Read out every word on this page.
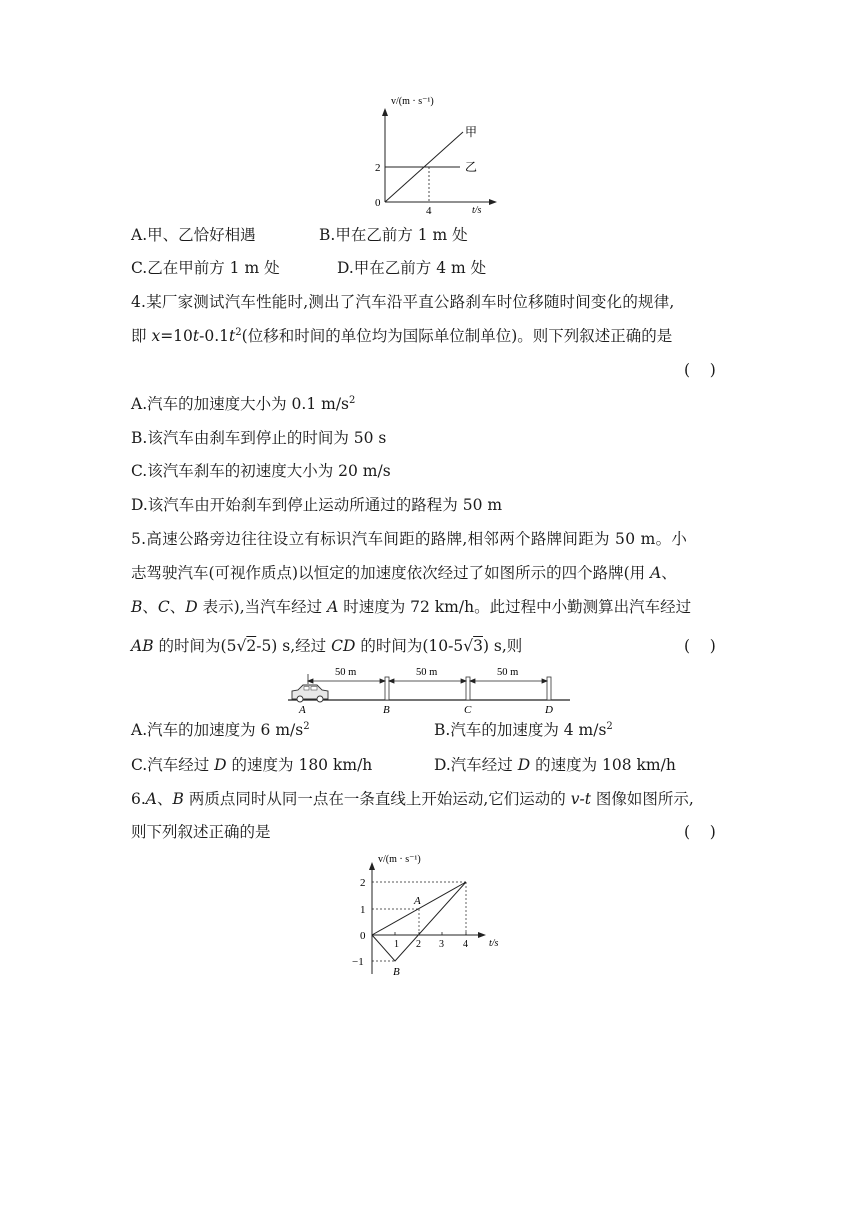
v/(m · s⁻¹)
t/s
甲
乙
2
0
4
A.甲、乙恰好相遇	B.甲在乙前方 1 m 处
C.乙在甲前方 1 m 处	D.甲在乙前方 4 m 处
4.某厂家测试汽车性能时,测出了汽车沿平直公路刹车时位移随时间变化的规律,
即 $x=10t-0.1t^2$(位移和时间的单位均为国际单位制单位)。则下列叙述正确的是
(    )
A.汽车的加速度大小为 0.1 $m/s^2$
B.该汽车由刹车到停止的时间为 50 s
C.该汽车刹车的初速度大小为 20 m/s
D.该汽车由开始刹车到停止运动所通过的路程为 50 m
5.高速公路旁边往往设立有标识汽车间距的路牌,相邻两个路牌间距为 50 m。小
志驾驶汽车(可视作质点)以恒定的加速度依次经过了如图所示的四个路牌(用 A、
B、C、D 表示),当汽车经过 A 时速度为 72 km/h。此过程中小勤测算出汽车经过
AB 的时间为(5√2-5) s,经过 CD 的时间为(10-5√3) s,则	(    )
50 m	50 m	50 m
A	B	C	D
A.汽车的加速度为 6 $m/s^2$	B.汽车的加速度为 4 $m/s^2$
C.汽车经过 D 的速度为 180 km/h	D.汽车经过 D 的速度为 108 km/h
6.A、B 两质点同时从同一点在一条直线上开始运动,它们运动的 v-t 图像如图所示,
则下列叙述正确的是	(    )
v/(m · s⁻¹)
t/s
2
1
0
−1
1 2 3 4
A
B
